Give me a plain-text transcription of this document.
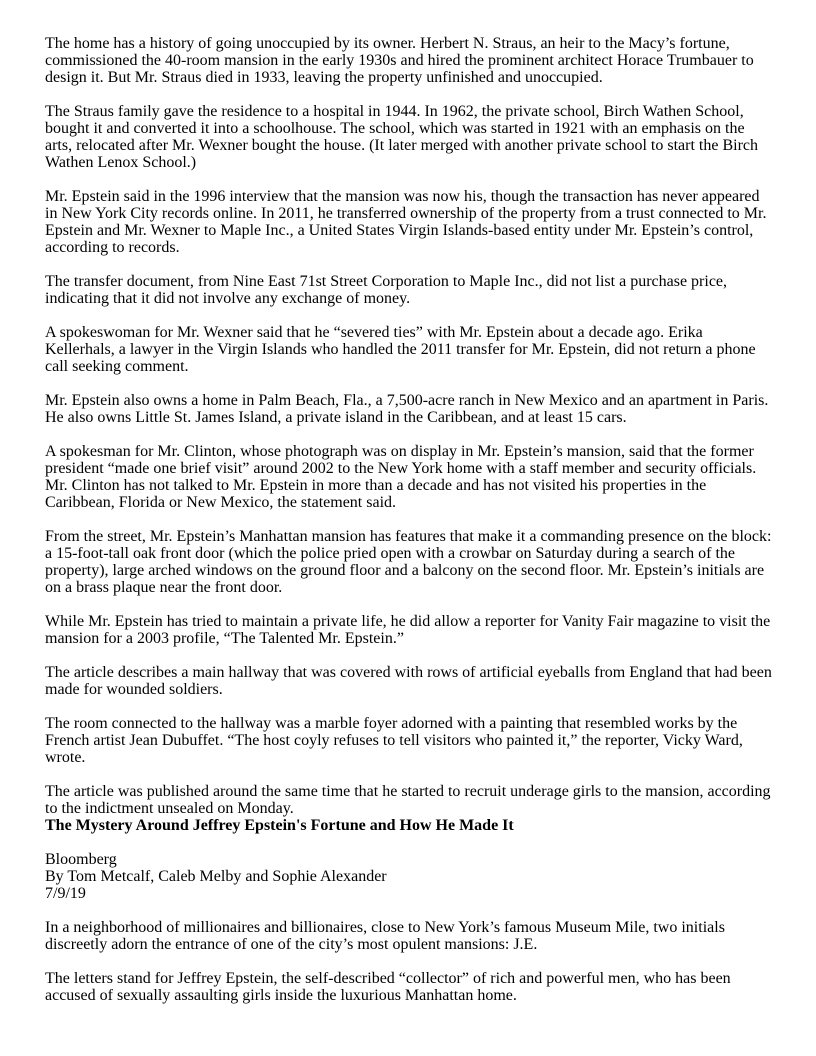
The home has a history of going unoccupied by its owner. Herbert N. Straus, an heir to the Macy’s fortune, commissioned the 40-room mansion in the early 1930s and hired the prominent architect Horace Trumbauer to design it. But Mr. Straus died in 1933, leaving the property unfinished and unoccupied.

The Straus family gave the residence to a hospital in 1944. In 1962, the private school, Birch Wathen School, bought it and converted it into a schoolhouse. The school, which was started in 1921 with an emphasis on the arts, relocated after Mr. Wexner bought the house. (It later merged with another private school to start the Birch Wathen Lenox School.)

Mr. Epstein said in the 1996 interview that the mansion was now his, though the transaction has never appeared in New York City records online. In 2011, he transferred ownership of the property from a trust connected to Mr. Epstein and Mr. Wexner to Maple Inc., a United States Virgin Islands-based entity under Mr. Epstein’s control, according to records.

The transfer document, from Nine East 71st Street Corporation to Maple Inc., did not list a purchase price, indicating that it did not involve any exchange of money.

A spokeswoman for Mr. Wexner said that he “severed ties” with Mr. Epstein about a decade ago. Erika Kellerhals, a lawyer in the Virgin Islands who handled the 2011 transfer for Mr. Epstein, did not return a phone call seeking comment.

Mr. Epstein also owns a home in Palm Beach, Fla., a 7,500-acre ranch in New Mexico and an apartment in Paris. He also owns Little St. James Island, a private island in the Caribbean, and at least 15 cars.

A spokesman for Mr. Clinton, whose photograph was on display in Mr. Epstein’s mansion, said that the former president “made one brief visit” around 2002 to the New York home with a staff member and security officials. Mr. Clinton has not talked to Mr. Epstein in more than a decade and has not visited his properties in the Caribbean, Florida or New Mexico, the statement said.

From the street, Mr. Epstein’s Manhattan mansion has features that make it a commanding presence on the block: a 15-foot-tall oak front door (which the police pried open with a crowbar on Saturday during a search of the property), large arched windows on the ground floor and a balcony on the second floor. Mr. Epstein’s initials are on a brass plaque near the front door.

While Mr. Epstein has tried to maintain a private life, he did allow a reporter for Vanity Fair magazine to visit the mansion for a 2003 profile, “The Talented Mr. Epstein.”

The article describes a main hallway that was covered with rows of artificial eyeballs from England that had been made for wounded soldiers.

The room connected to the hallway was a marble foyer adorned with a painting that resembled works by the French artist Jean Dubuffet. “The host coyly refuses to tell visitors who painted it,” the reporter, Vicky Ward, wrote.

The article was published around the same time that he started to recruit underage girls to the mansion, according to the indictment unsealed on Monday.

The Mystery Around Jeffrey Epstein's Fortune and How He Made It
Bloomberg
By Tom Metcalf, Caleb Melby and Sophie Alexander
7/9/19

In a neighborhood of millionaires and billionaires, close to New York’s famous Museum Mile, two initials discreetly adorn the entrance of one of the city’s most opulent mansions: J.E.

The letters stand for Jeffrey Epstein, the self-described “collector” of rich and powerful men, who has been accused of sexually assaulting girls inside the luxurious Manhattan home.
